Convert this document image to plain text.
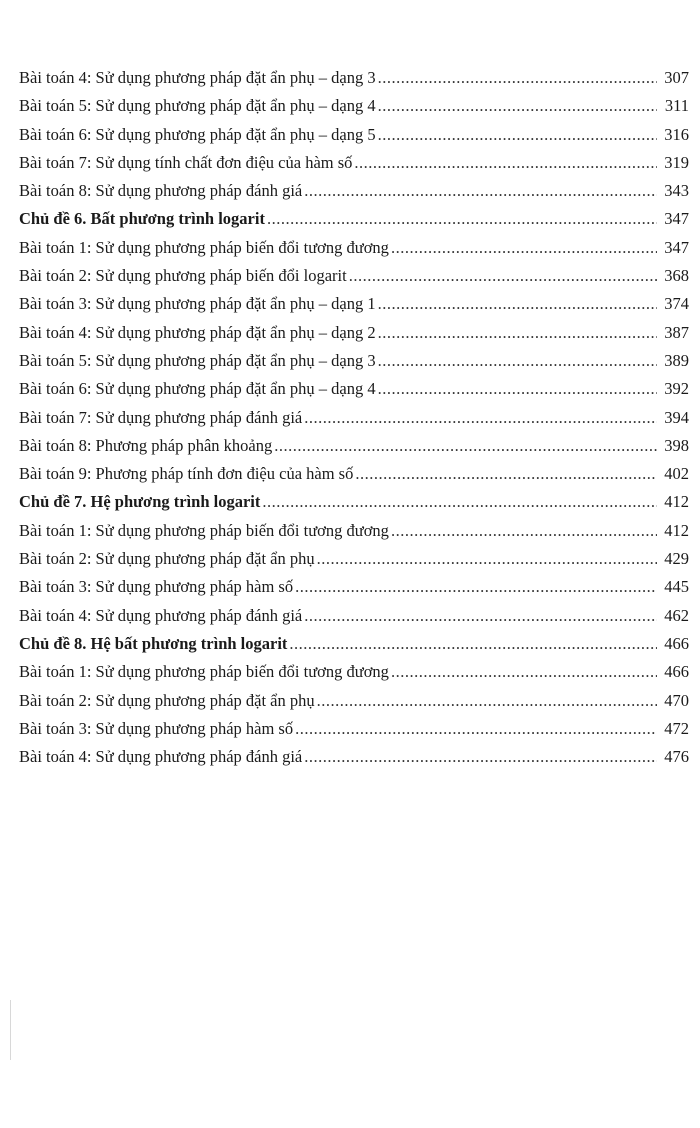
Bài toán 4: Sử dụng phương pháp đặt ẩn phụ – dạng 3 .....	307
Bài toán 5: Sử dụng phương pháp đặt ẩn phụ – dạng 4 .....	311
Bài toán 6: Sử dụng phương pháp đặt ẩn phụ – dạng 5 .....	316
Bài toán 7: Sử dụng tính chất đơn điệu của hàm số .....	319
Bài toán 8: Sử dụng phương pháp đánh giá .....	343
Chủ đề 6. Bất phương trình logarit .....	347
Bài toán 1: Sử dụng phương pháp biến đổi tương đương .....	347
Bài toán 2: Sử dụng phương pháp biến đổi logarit .....	368
Bài toán 3: Sử dụng phương pháp đặt ẩn phụ – dạng 1 .....	374
Bài toán 4: Sử dụng phương pháp đặt ẩn phụ – dạng 2 .....	387
Bài toán 5: Sử dụng phương pháp đặt ẩn phụ – dạng 3 .....	389
Bài toán 6: Sử dụng phương pháp đặt ẩn phụ – dạng 4 .....	392
Bài toán 7: Sử dụng phương pháp đánh giá .....	394
Bài toán 8: Phương pháp phân khoảng .....	398
Bài toán 9: Phương pháp tính đơn điệu của hàm số .....	402
Chủ đề 7. Hệ phương trình logarit .....	412
Bài toán 1: Sử dụng phương pháp biến đổi tương đương .....	412
Bài toán 2: Sử dụng phương pháp đặt ẩn phụ .....	429
Bài toán 3: Sử dụng phương pháp hàm số .....	445
Bài toán 4: Sử dụng phương pháp đánh giá .....	462
Chủ đề 8. Hệ bất phương trình logarit .....	466
Bài toán 1: Sử dụng phương pháp biến đổi tương đương .....	466
Bài toán 2: Sử dụng phương pháp đặt ẩn phụ .....	470
Bài toán 3: Sử dụng phương pháp hàm số .....	472
Bài toán 4: Sử dụng phương pháp đánh giá .....	476
